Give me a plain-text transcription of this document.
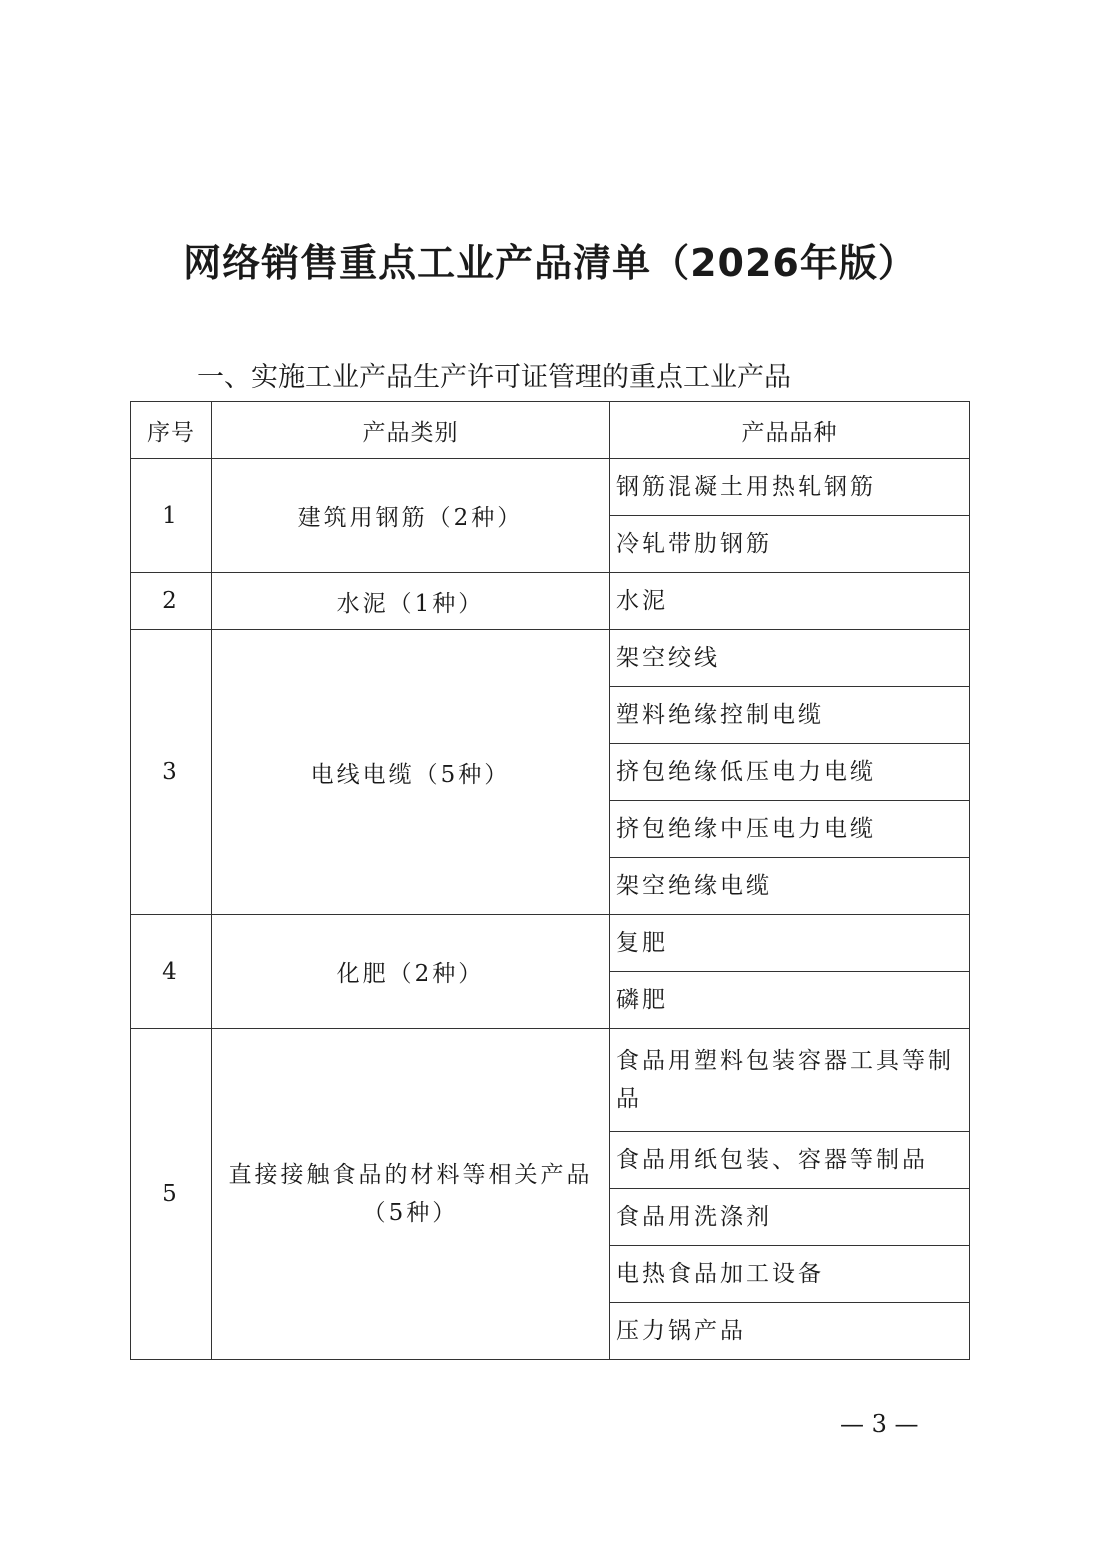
网络销售重点工业产品清单（2026年版）
一、实施工业产品生产许可证管理的重点工业产品
序号	产品类别	产品品种
1	建筑用钢筋（2种）	钢筋混凝土用热轧钢筋
		冷轧带肋钢筋
2	水泥（1种）	水泥
3	电线电缆（5种）	架空绞线
		塑料绝缘控制电缆
		挤包绝缘低压电力电缆
		挤包绝缘中压电力电缆
		架空绝缘电缆
4	化肥（2种）	复肥
		磷肥
5	直接接触食品的材料等相关产品（5种）	食品用塑料包装容器工具等制品
		食品用纸包装、容器等制品
		食品用洗涤剂
		电热食品加工设备
		压力锅产品
— 3 —
